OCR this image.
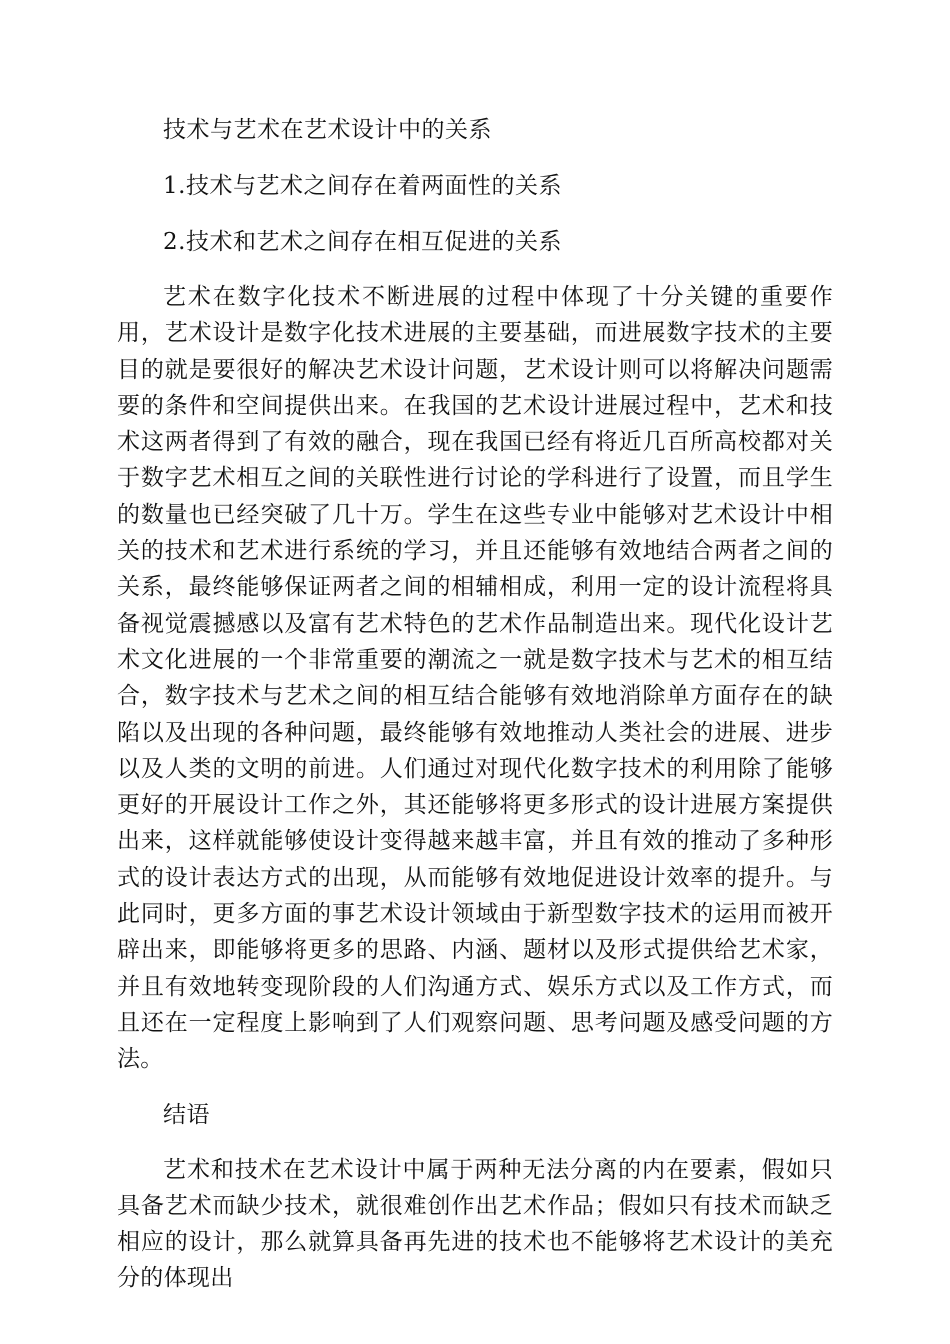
技术与艺术在艺术设计中的关系

1.技术与艺术之间存在着两面性的关系

2.技术和艺术之间存在相互促进的关系

艺术在数字化技术不断进展的过程中体现了十分关键的重要作用，艺术设计是数字化技术进展的主要基础，而进展数字技术的主要目的就是要很好的解决艺术设计问题，艺术设计则可以将解决问题需要的条件和空间提供出来。在我国的艺术设计进展过程中，艺术和技术这两者得到了有效的融合，现在我国已经有将近几百所高校都对关于数字艺术相互之间的关联性进行讨论的学科进行了设置，而且学生的数量也已经突破了几十万。学生在这些专业中能够对艺术设计中相关的技术和艺术进行系统的学习，并且还能够有效地结合两者之间的关系，最终能够保证两者之间的相辅相成，利用一定的设计流程将具备视觉震撼感以及富有艺术特色的艺术作品制造出来。现代化设计艺术文化进展的一个非常重要的潮流之一就是数字技术与艺术的相互结合，数字技术与艺术之间的相互结合能够有效地消除单方面存在的缺陷以及出现的各种问题，最终能够有效地推动人类社会的进展、进步以及人类的文明的前进。人们通过对现代化数字技术的利用除了能够更好的开展设计工作之外，其还能够将更多形式的设计进展方案提供出来，这样就能够使设计变得越来越丰富，并且有效的推动了多种形式的设计表达方式的出现，从而能够有效地促进设计效率的提升。与此同时，更多方面的事艺术设计领域由于新型数字技术的运用而被开辟出来，即能够将更多的思路、内涵、题材以及形式提供给艺术家，并且有效地转变现阶段的人们沟通方式、娱乐方式以及工作方式，而且还在一定程度上影响到了人们观察问题、思考问题及感受问题的方法。

结语

艺术和技术在艺术设计中属于两种无法分离的内在要素，假如只具备艺术而缺少技术，就很难创作出艺术作品；假如只有技术而缺乏相应的设计，那么就算具备再先进的技术也不能够将艺术设计的美充分的体现出
